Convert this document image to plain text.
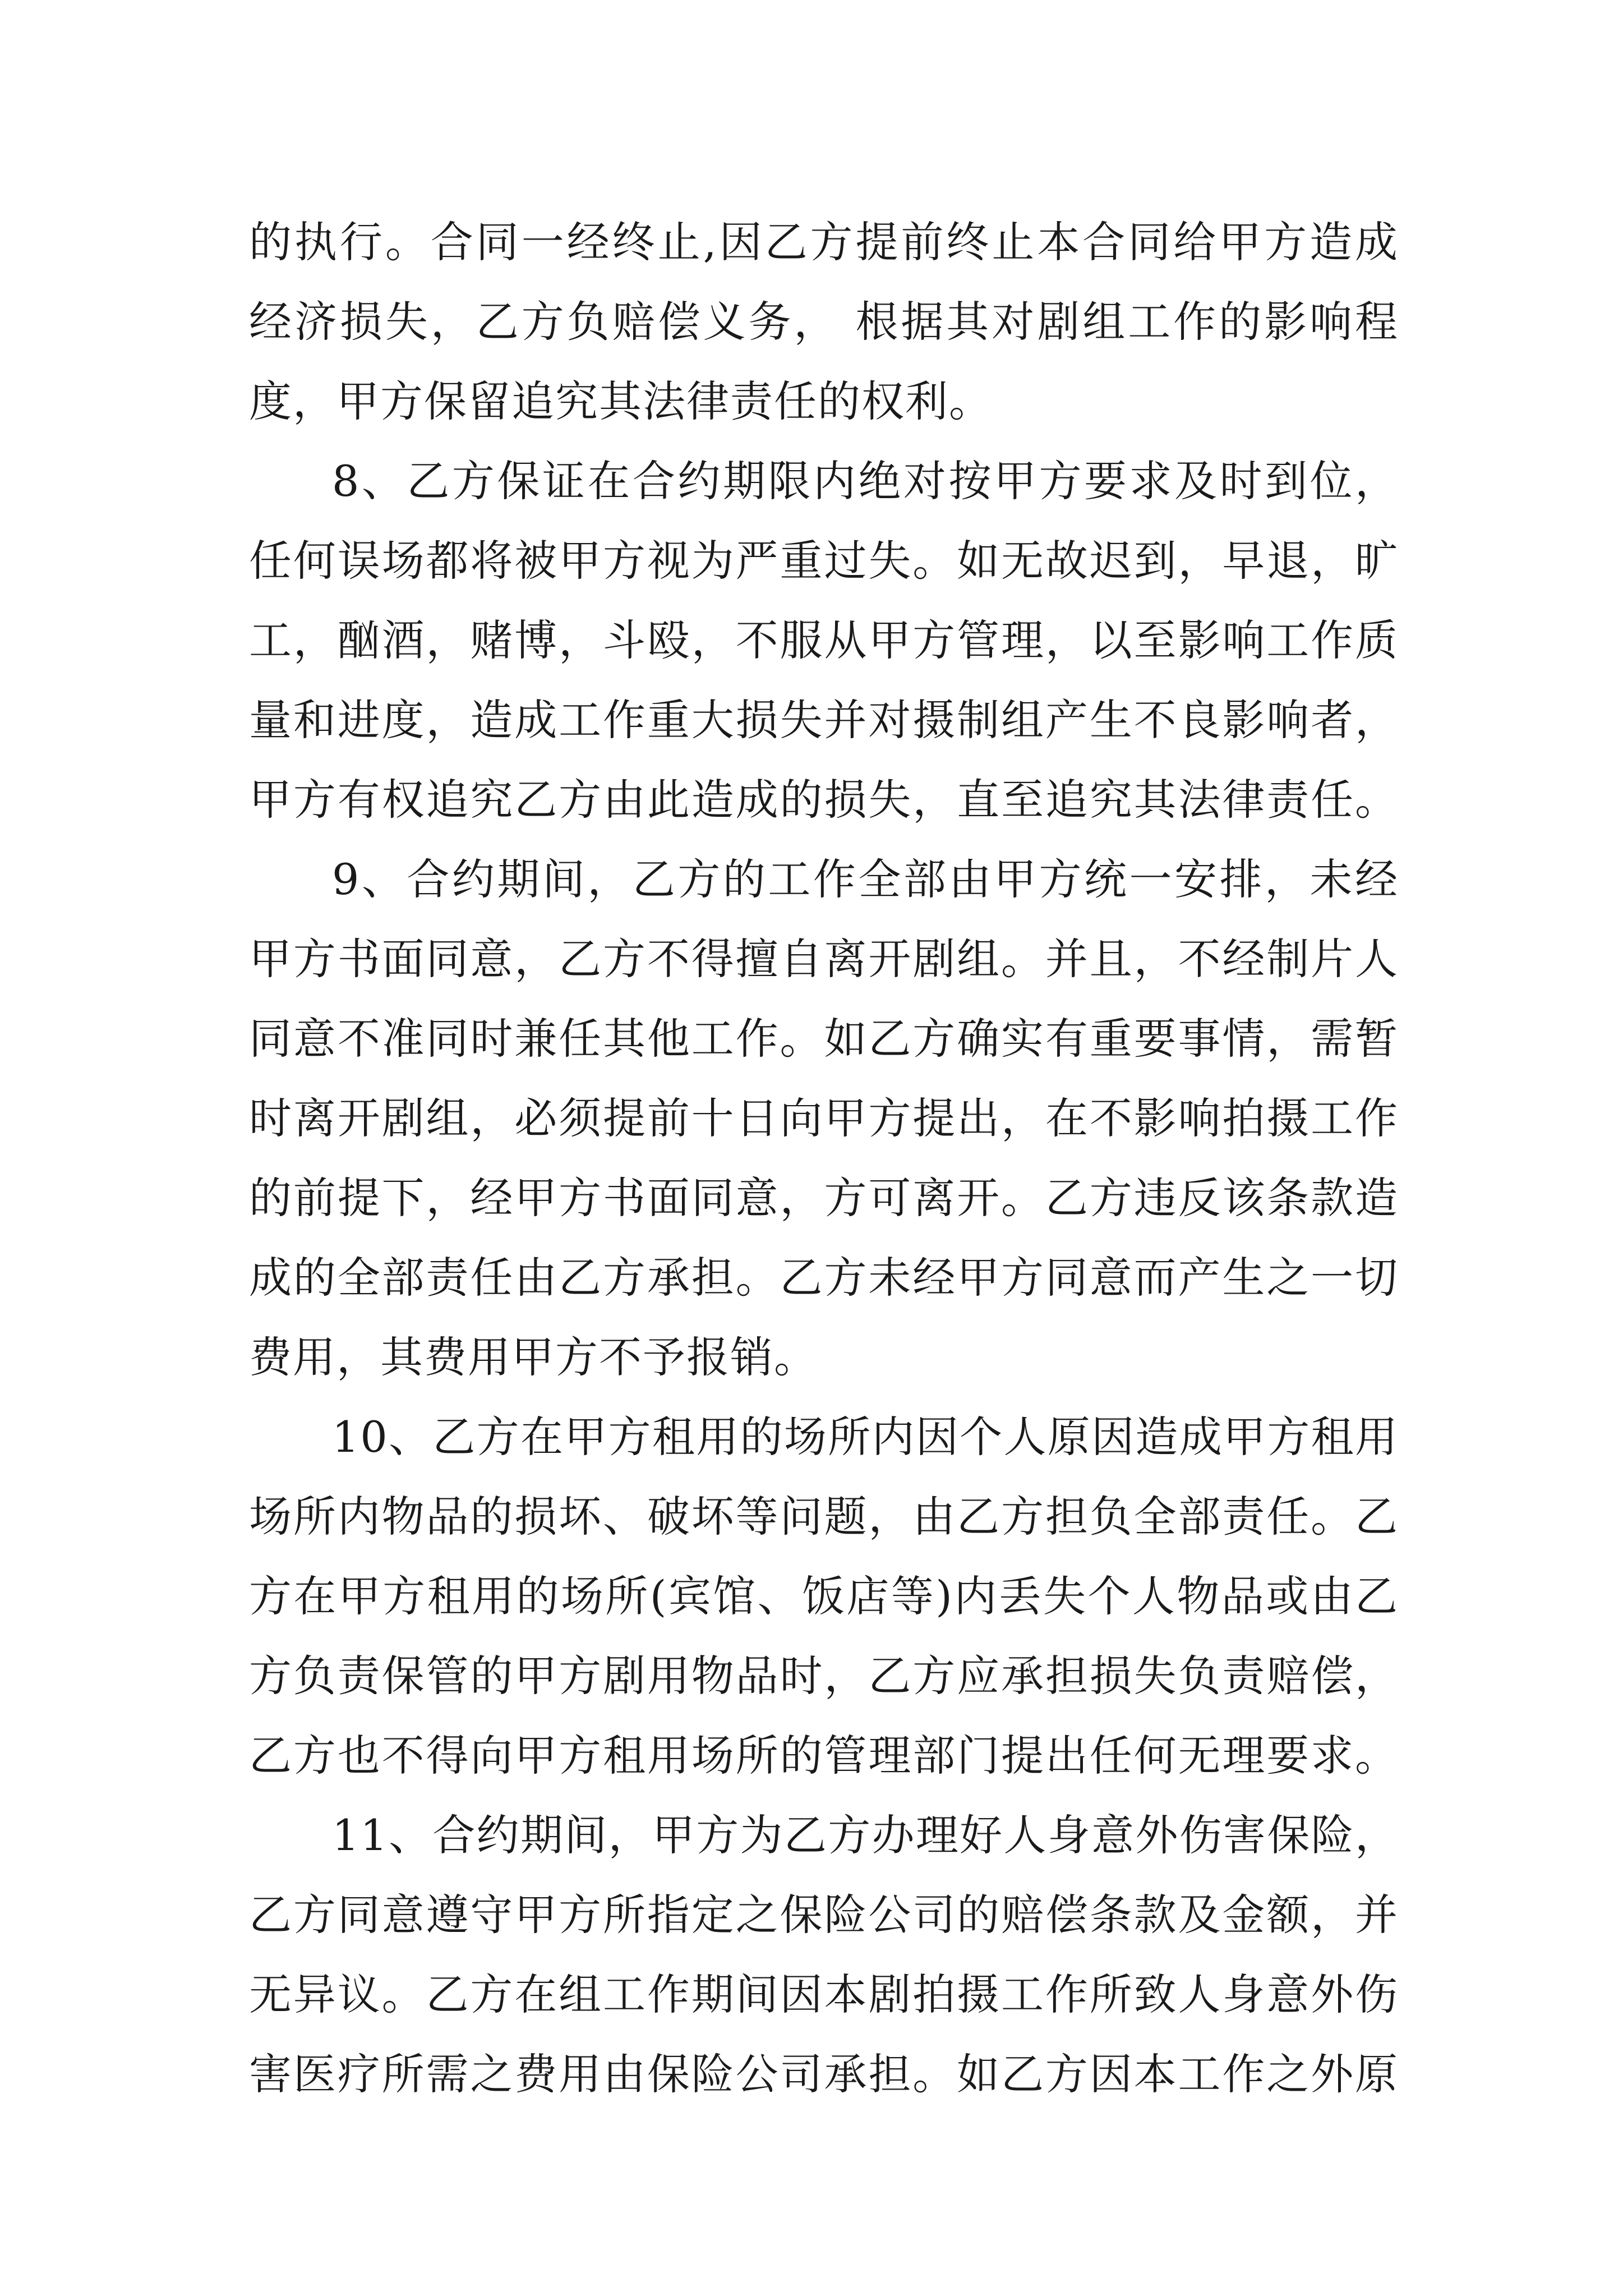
的执行。合同一经终止,因乙方提前终止本合同给甲方造成
经济损失，乙方负赔偿义务， 根据其对剧组工作的影响程
度，甲方保留追究其法律责任的权利。
8、乙方保证在合约期限内绝对按甲方要求及时到位，
任何误场都将被甲方视为严重过失。如无故迟到，早退，旷
工，酗酒，赌博，斗殴，不服从甲方管理，以至影响工作质
量和进度，造成工作重大损失并对摄制组产生不良影响者，
甲方有权追究乙方由此造成的损失，直至追究其法律责任。
9、合约期间，乙方的工作全部由甲方统一安排，未经
甲方书面同意，乙方不得擅自离开剧组。并且，不经制片人
同意不准同时兼任其他工作。如乙方确实有重要事情，需暂
时离开剧组，必须提前十日向甲方提出，在不影响拍摄工作
的前提下，经甲方书面同意，方可离开。乙方违反该条款造
成的全部责任由乙方承担。乙方未经甲方同意而产生之一切
费用，其费用甲方不予报销。
10、乙方在甲方租用的场所内因个人原因造成甲方租用
场所内物品的损坏、破坏等问题，由乙方担负全部责任。乙
方在甲方租用的场所(宾馆、饭店等)内丢失个人物品或由乙
方负责保管的甲方剧用物品时，乙方应承担损失负责赔偿，
乙方也不得向甲方租用场所的管理部门提出任何无理要求。
11、合约期间，甲方为乙方办理好人身意外伤害保险，
乙方同意遵守甲方所指定之保险公司的赔偿条款及金额，并
无异议。乙方在组工作期间因本剧拍摄工作所致人身意外伤
害医疗所需之费用由保险公司承担。如乙方因本工作之外原
